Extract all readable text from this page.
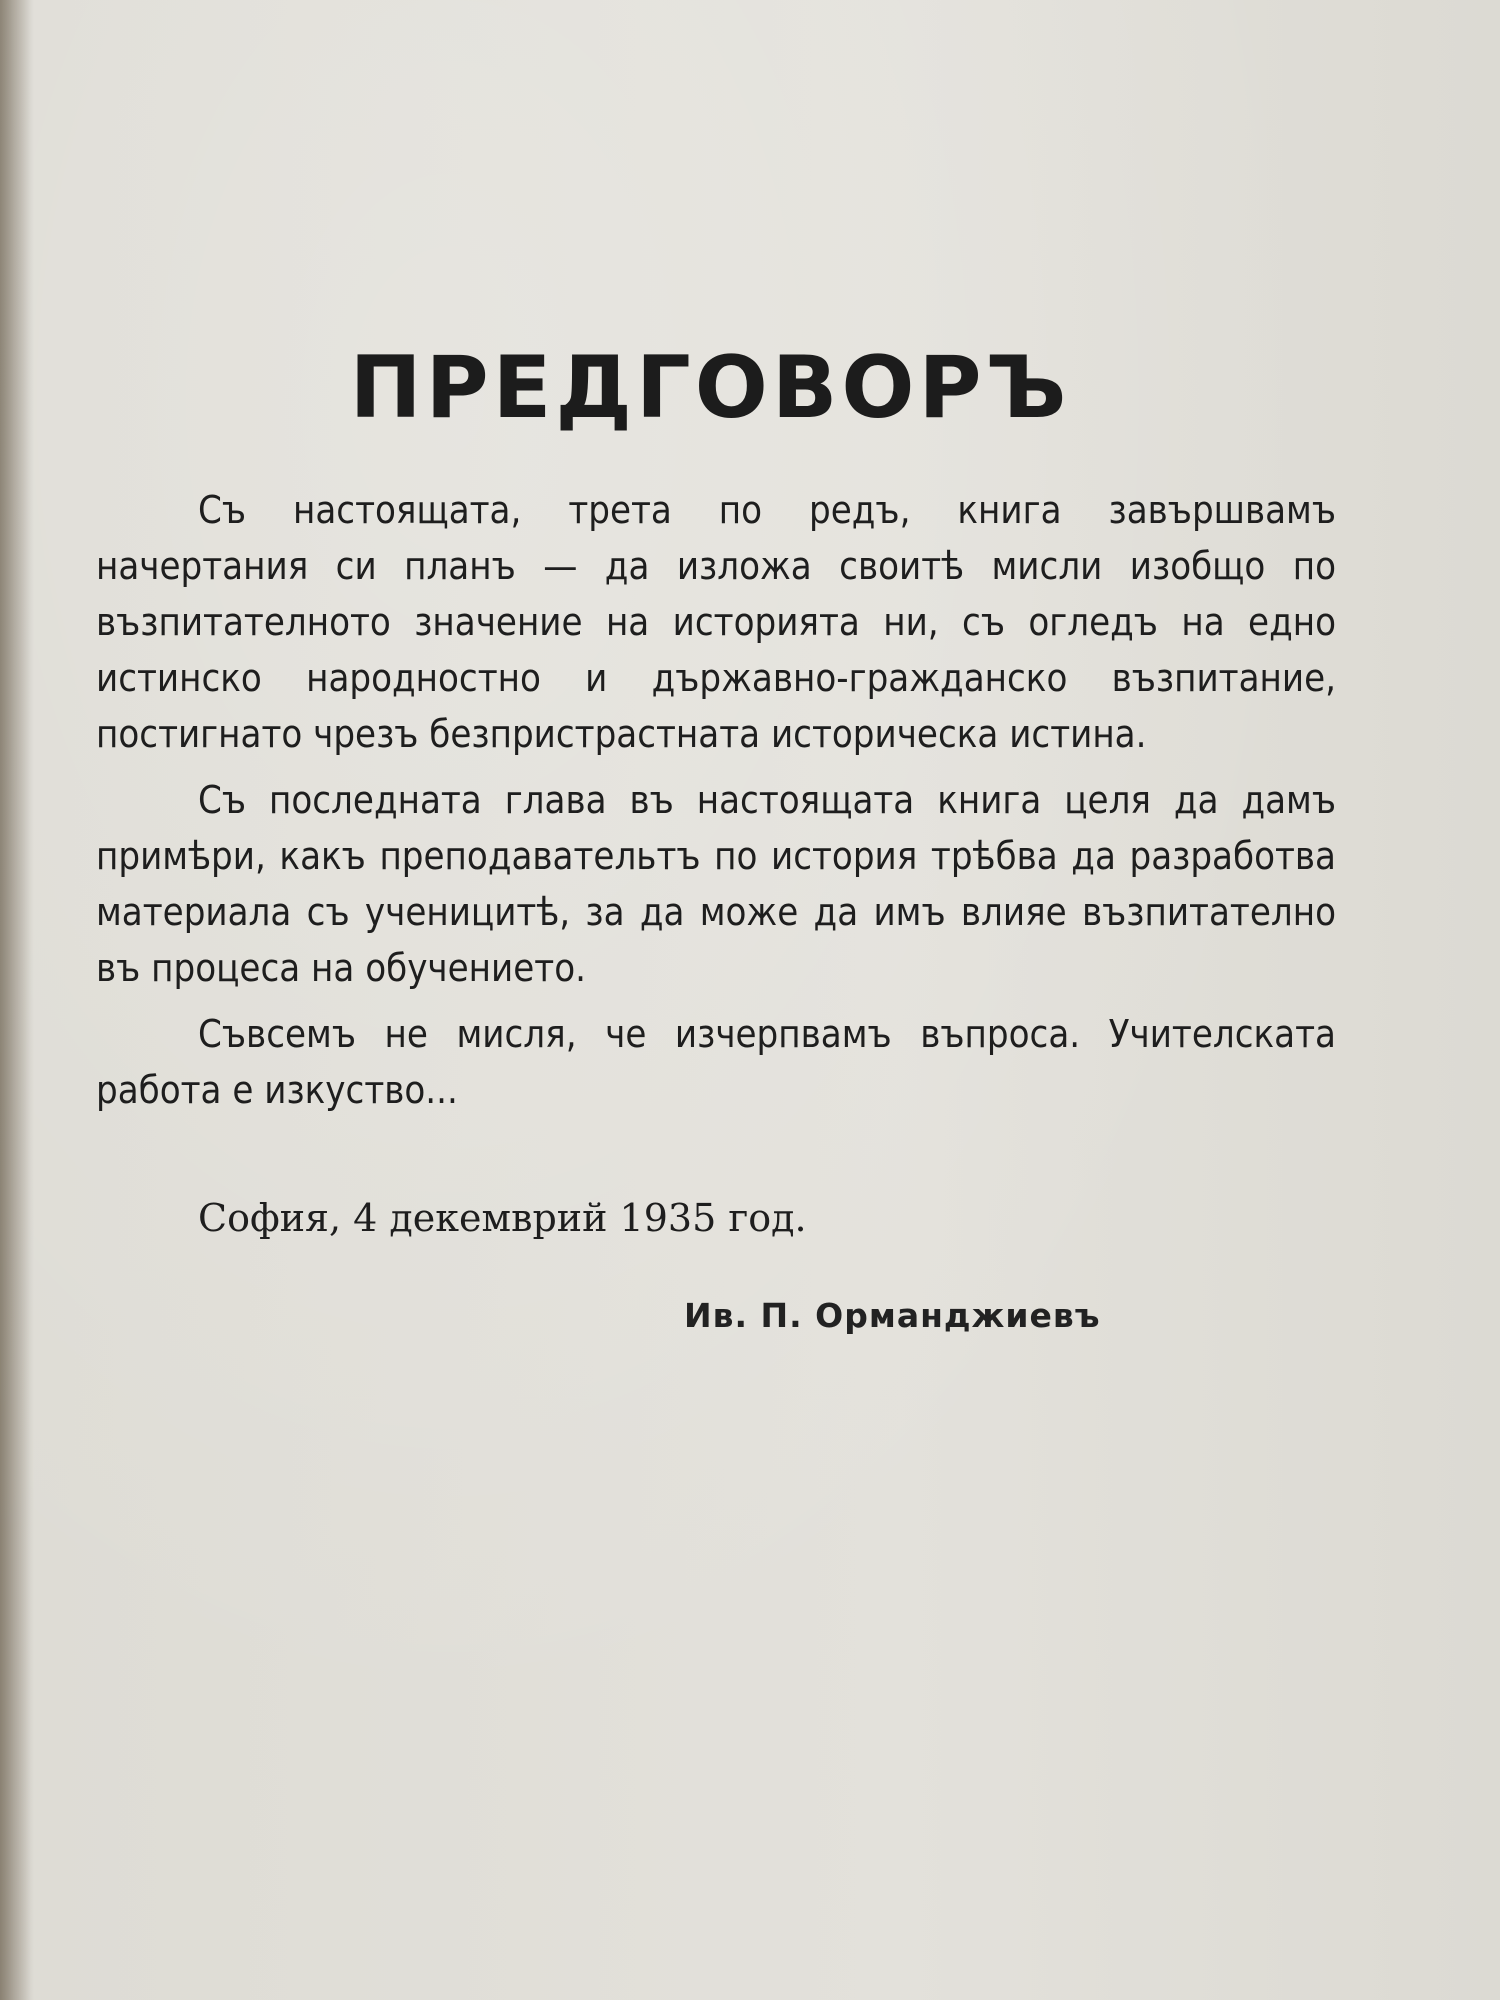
ПРЕДГОВОРЪ

Съ настоящата, трета по редъ, книга завършвамъ начертания си планъ — да изложа своитѣ мисли изобщо по възпитателното значение на историята ни, съ огледъ на едно истинско народностно и държавно-гражданско възпитание, постигнато чрезъ безпристрастната историческа истина.

Съ последната глава въ настоящата книга целя да дамъ примѣри, какъ преподавательтъ по история трѣбва да разработва материала съ ученицитѣ, за да може да имъ влияе възпитателно въ процеса на обучението.

Съвсемъ не мисля, че изчерпвамъ въпроса. Учителската работа е изкуство...

София, 4 декемврий 1935 год.

Ив. П. Орманджиевъ
